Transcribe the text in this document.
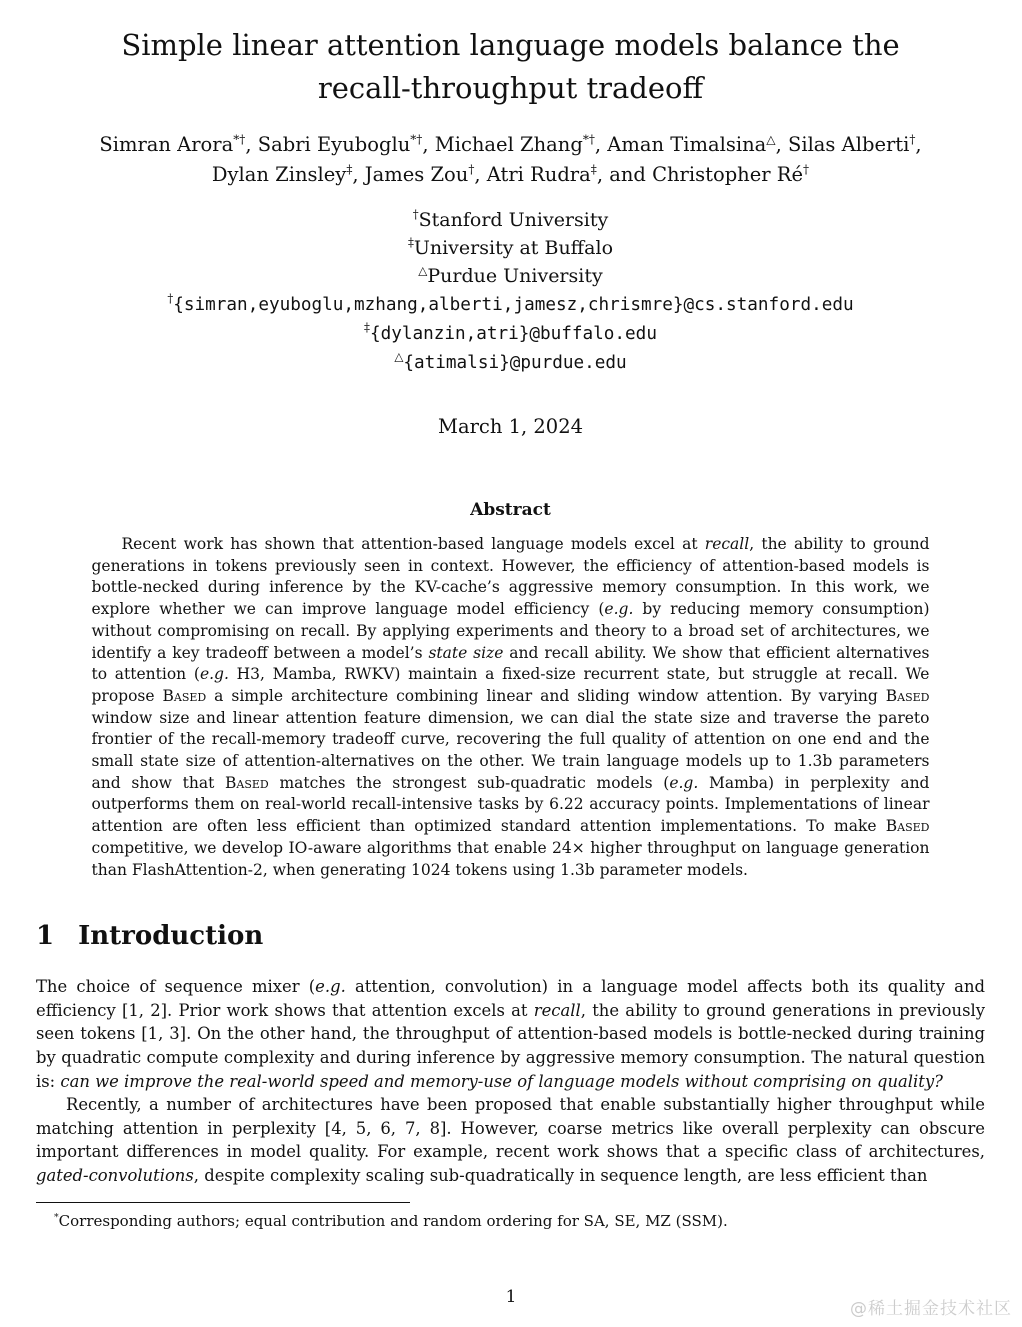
Simple linear attention language models balance the
recall-throughput tradeoff
Simran Arora*†, Sabri Eyuboglu*†, Michael Zhang*†, Aman Timalsina△, Silas Alberti†,
Dylan Zinsley‡, James Zou†, Atri Rudra‡, and Christopher Ré†
†Stanford University
‡University at Buffalo
△Purdue University
†{simran,eyuboglu,mzhang,alberti,jamesz,chrismre}@cs.stanford.edu
‡{dylanzin,atri}@buffalo.edu
△{atimalsi}@purdue.edu
March 1, 2024
Abstract

Recent work has shown that attention-based language models excel at recall, the ability to ground generations in tokens previously seen in context. However, the efficiency of attention-based models is bottle-necked during inference by the KV-cache’s aggressive memory consumption. In this work, we explore whether we can improve language model efficiency (e.g. by reducing memory consumption) without compromising on recall. By applying experiments and theory to a broad set of architectures, we identify a key tradeoff between a model’s state size and recall ability. We show that efficient alternatives to attention (e.g. H3, Mamba, RWKV) maintain a fixed-size recurrent state, but struggle at recall. We propose Based a simple architecture combining linear and sliding window attention. By varying Based window size and linear attention feature dimension, we can dial the state size and traverse the pareto frontier of the recall-memory tradeoff curve, recovering the full quality of attention on one end and the small state size of attention-alternatives on the other. We train language models up to 1.3b parameters and show that Based matches the strongest sub-quadratic models (e.g. Mamba) in perplexity and outperforms them on real-world recall-intensive tasks by 6.22 accuracy points. Implementations of linear attention are often less efficient than optimized standard attention implementations. To make Based competitive, we develop IO-aware algorithms that enable 24× higher throughput on language generation than FlashAttention-2, when generating 1024 tokens using 1.3b parameter models.

1 Introduction

The choice of sequence mixer (e.g. attention, convolution) in a language model affects both its quality and efficiency [1, 2]. Prior work shows that attention excels at recall, the ability to ground generations in previously seen tokens [1, 3]. On the other hand, the throughput of attention-based models is bottle-necked during training by quadratic compute complexity and during inference by aggressive memory consumption. The natural question is: can we improve the real-world speed and memory-use of language models without comprising on quality?

Recently, a number of architectures have been proposed that enable substantially higher throughput while matching attention in perplexity [4, 5, 6, 7, 8]. However, coarse metrics like overall perplexity can obscure important differences in model quality. For example, recent work shows that a specific class of architectures, gated-convolutions, despite complexity scaling sub-quadratically in sequence length, are less efficient than

*Corresponding authors; equal contribution and random ordering for SA, SE, MZ (SSM).

1
@稀土掘金技术社区
